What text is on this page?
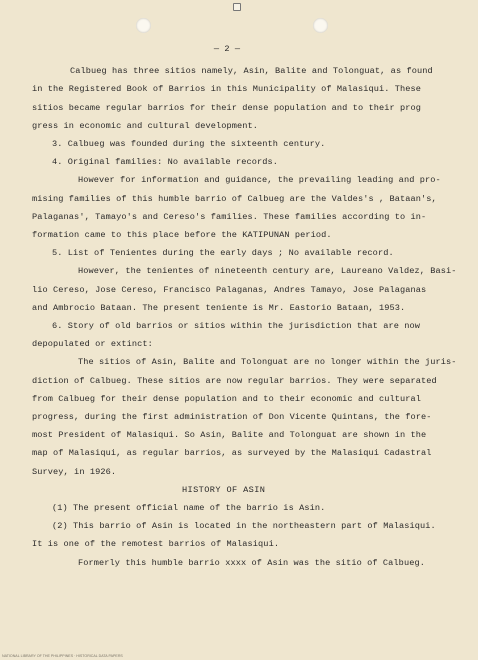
— 2 —
Calbueg has three sitios namely, Asin, Balite and Tolonguat, as found
in the Registered Book of Barrios in this Municipality of Malasiqui. These
sitios became regular barrios for their dense population and to their prog
gress in economic and cultural development.
3. Calbueg was founded during the sixteenth century.
4. Original families: No available records.
However for information and guidance, the prevailing leading and pro-
mising families of this humble barrio of Calbueg are the Valdes's , Bataan's,
Palaganas', Tamayo's and Cereso's families. These families according to in-
formation came to this place before the KATIPUNAN period.
5. List of Tenientes during the early days ; No available record.
However, the tenientes of nineteenth century are, Laureano Valdez, Basi-
lio Cereso, Jose Cereso, Francisco Palaganas, Andres Tamayo, Jose Palaganas
and Ambrocio Bataan. The present teniente is Mr. Eastorio Bataan, 1953.
6. Story of old barrios or sitios within the jurisdiction that are now
depopulated or extinct:
The sitios of Asin, Balite and Tolonguat are no longer within the juris-
diction of Calbueg. These sitios are now regular barrios. They were separated
from Calbueg for their dense population and to their economic and cultural
progress, during the first administration of Don Vicente Quintans, the fore-
most President of Malasiqui. So Asin, Balite and Tolonguat are shown in the
map of Malasiqui, as regular barrios, as surveyed by the Malasiqui Cadastral
Survey, in 1926.
HISTORY OF ASIN
(1) The present official name of the barrio is Asin.
(2) This barrio of Asin is located in the northeastern part of Malasiqui.
It is one of the remotest barrios of Malasiqui.
Formerly this humble barrio xxxx of Asin was the sitio of Calbueg.
NATIONAL LIBRARY OF THE PHILIPPINES · HISTORICAL DATA PAPERS
